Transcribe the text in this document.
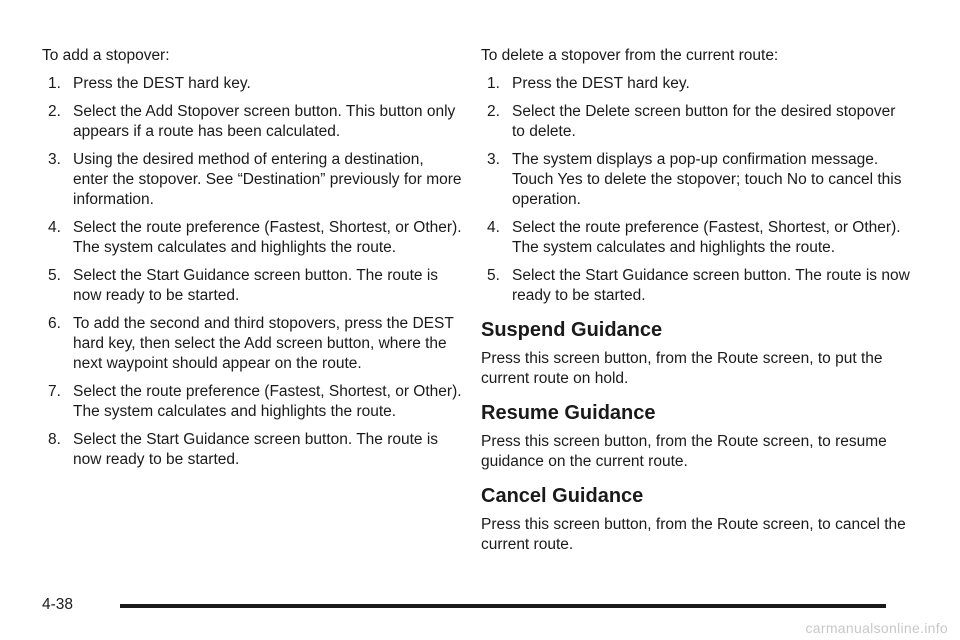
To add a stopover:

1. Press the DEST hard key.
2. Select the Add Stopover screen button. This button only appears if a route has been calculated.
3. Using the desired method of entering a destination, enter the stopover. See “Destination” previously for more information.
4. Select the route preference (Fastest, Shortest, or Other). The system calculates and highlights the route.
5. Select the Start Guidance screen button. The route is now ready to be started.
6. To add the second and third stopovers, press the DEST hard key, then select the Add screen button, where the next waypoint should appear on the route.
7. Select the route preference (Fastest, Shortest, or Other). The system calculates and highlights the route.
8. Select the Start Guidance screen button. The route is now ready to be started.

To delete a stopover from the current route:

1. Press the DEST hard key.
2. Select the Delete screen button for the desired stopover to delete.
3. The system displays a pop-up confirmation message. Touch Yes to delete the stopover; touch No to cancel this operation.
4. Select the route preference (Fastest, Shortest, or Other). The system calculates and highlights the route.
5. Select the Start Guidance screen button. The route is now ready to be started.
Suspend Guidance

Press this screen button, from the Route screen, to put the current route on hold.

Resume Guidance

Press this screen button, from the Route screen, to resume guidance on the current route.

Cancel Guidance

Press this screen button, from the Route screen, to cancel the current route.

4-38
carmanualsonline.info
